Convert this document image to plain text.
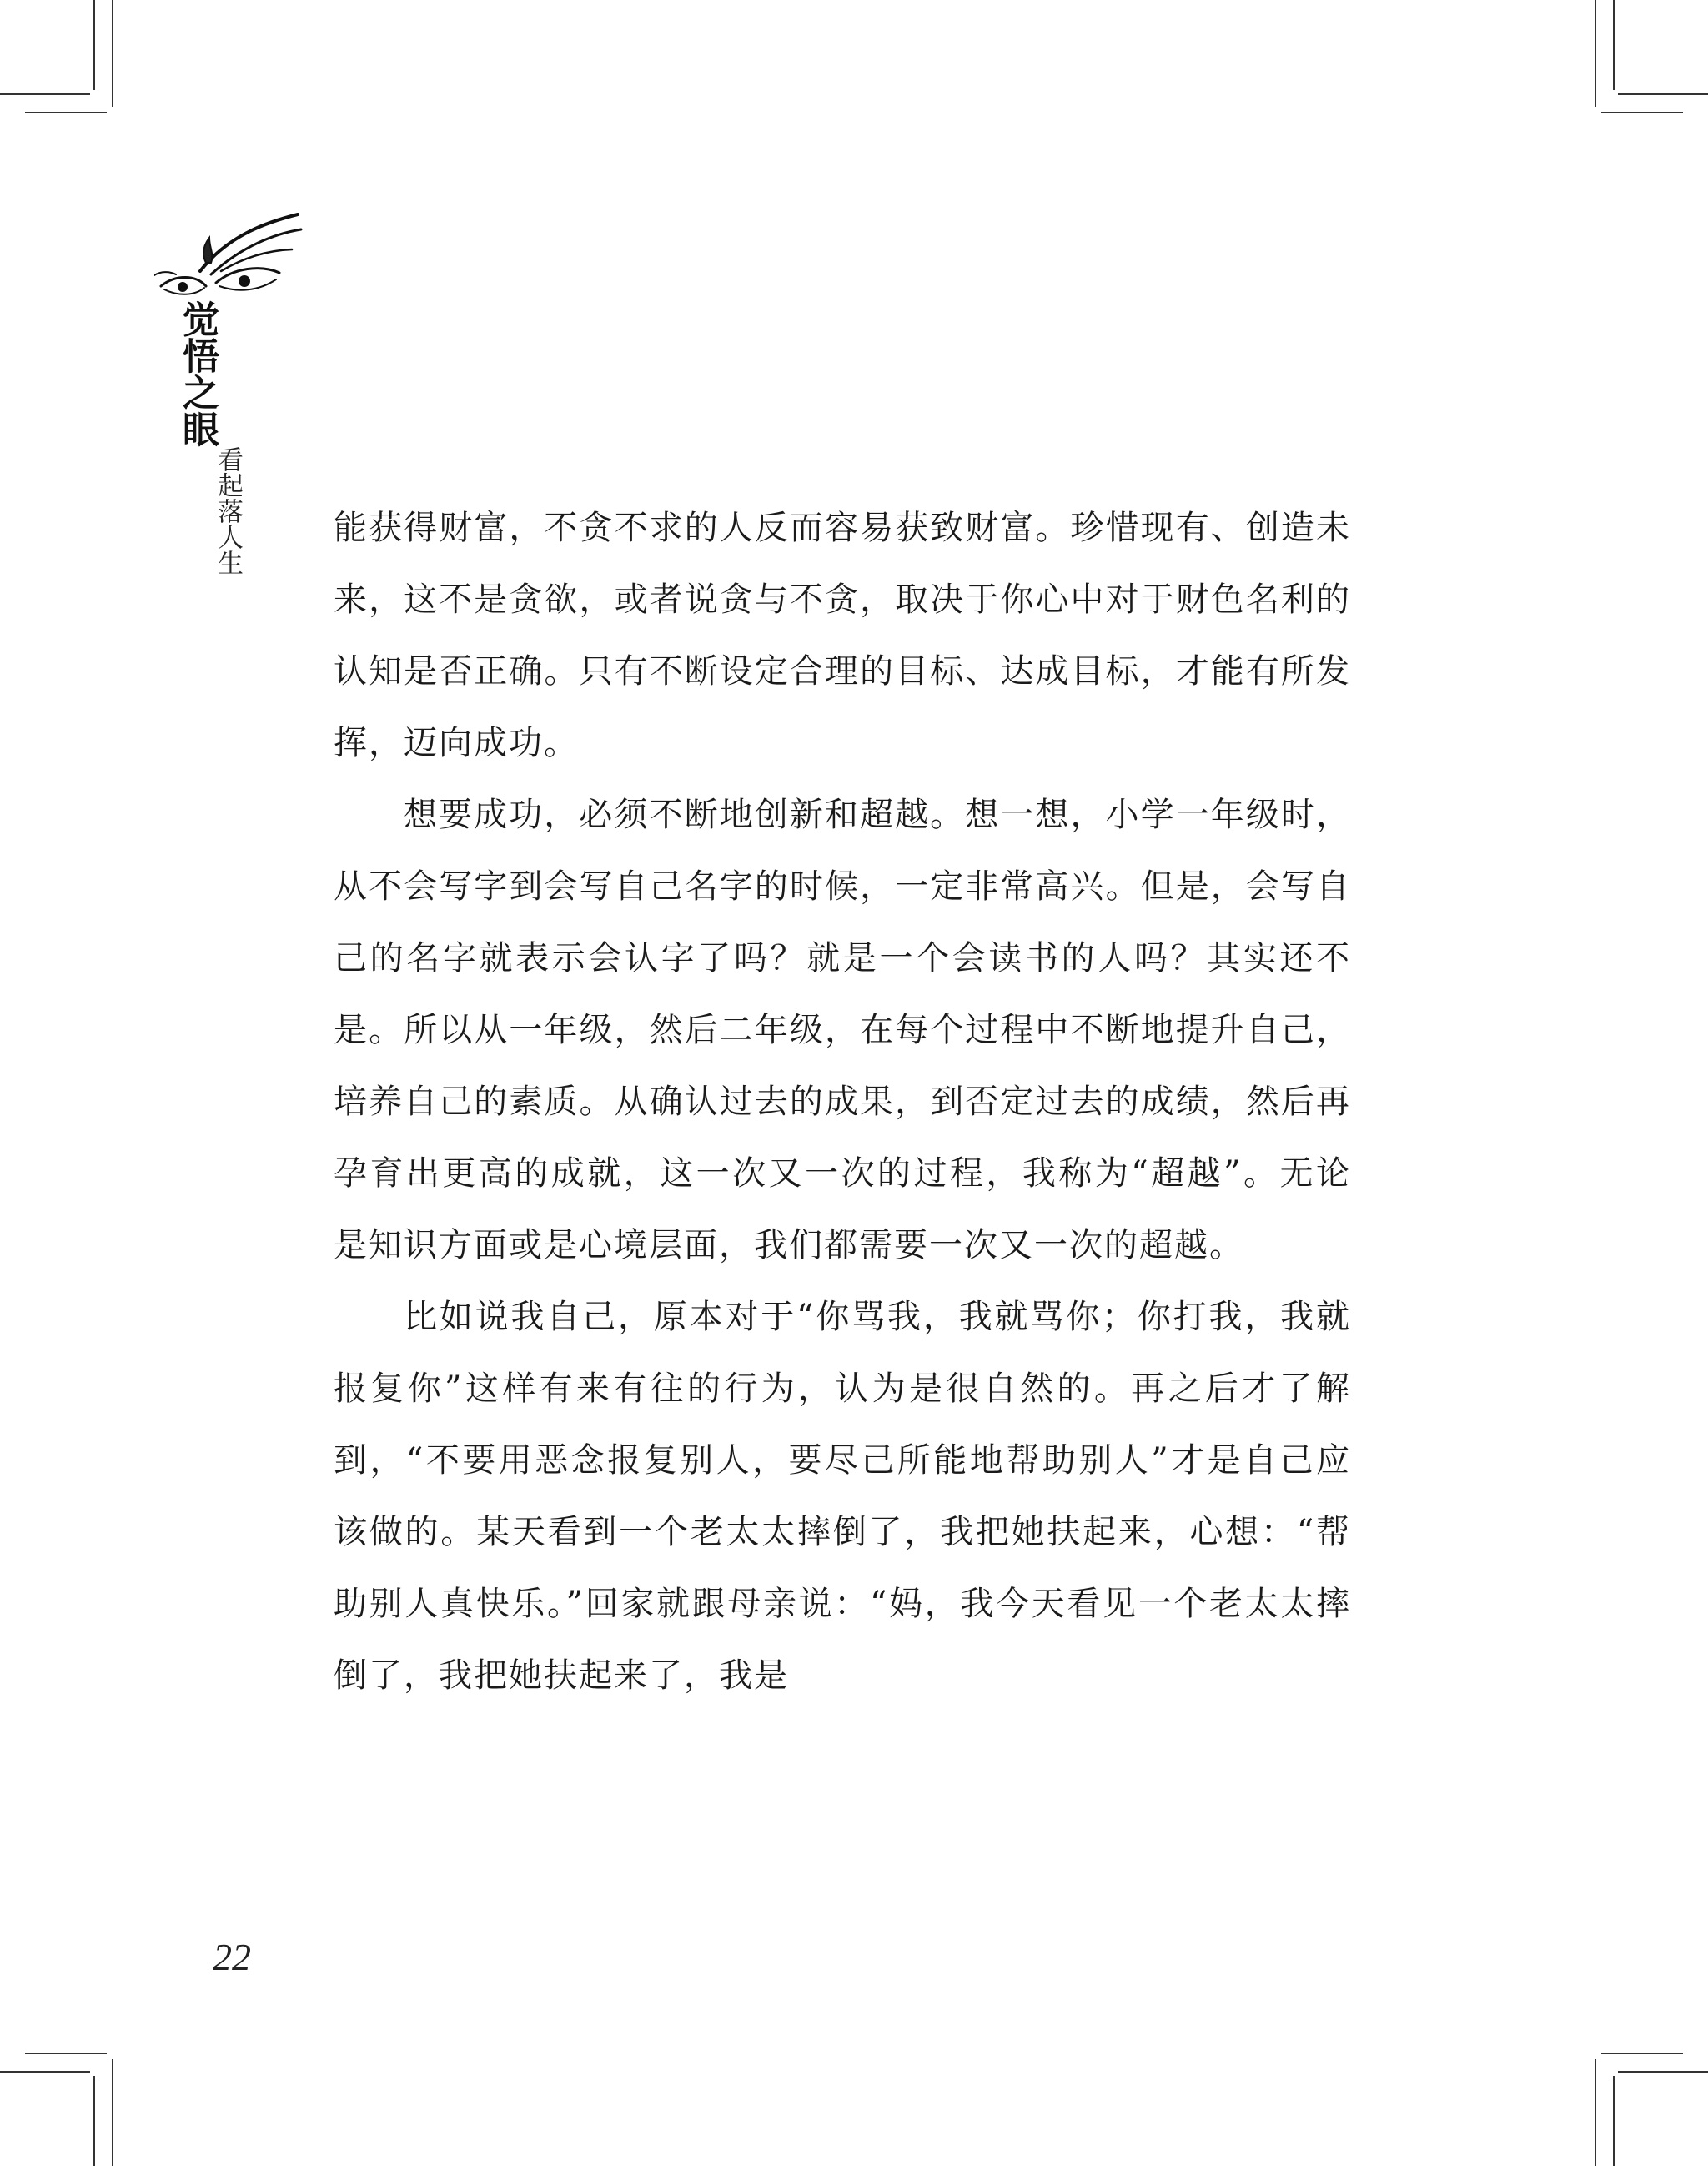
觉悟之眼
看起落人生	能获得财富，不贪不求的人反而容易获致财富。珍惜现有、创造未来，这不是贪欲，或者说贪与不贪，取决于你心中对于财色名利的认知是否正确。只有不断设定合理的目标、达成目标，才能有所发挥，迈向成功。

想要成功，必须不断地创新和超越。想一想，小学一年级时，从不会写字到会写自己名字的时候，一定非常高兴。但是，会写自己的名字就表示会认字了吗？就是一个会读书的人吗？其实还不是。所以从一年级，然后二年级，在每个过程中不断地提升自己，培养自己的素质。从确认过去的成果，到否定过去的成绩，然后再孕育出更高的成就，这一次又一次的过程，我称为“超越”。无论是知识方面或是心境层面，我们都需要一次又一次的超越。

比如说我自己，原本对于“你骂我，我就骂你；你打我，我就报复你”这样有来有往的行为，认为是很自然的。再之后才了解到，“不要用恶念报复别人，要尽己所能地帮助别人”才是自己应该做的。某天看到一个老太太摔倒了，我把她扶起来，心想：“帮助别人真快乐。”回家就跟母亲说：“妈，我今天看见一个老太太摔倒了，我把她扶起来了，我是

22
